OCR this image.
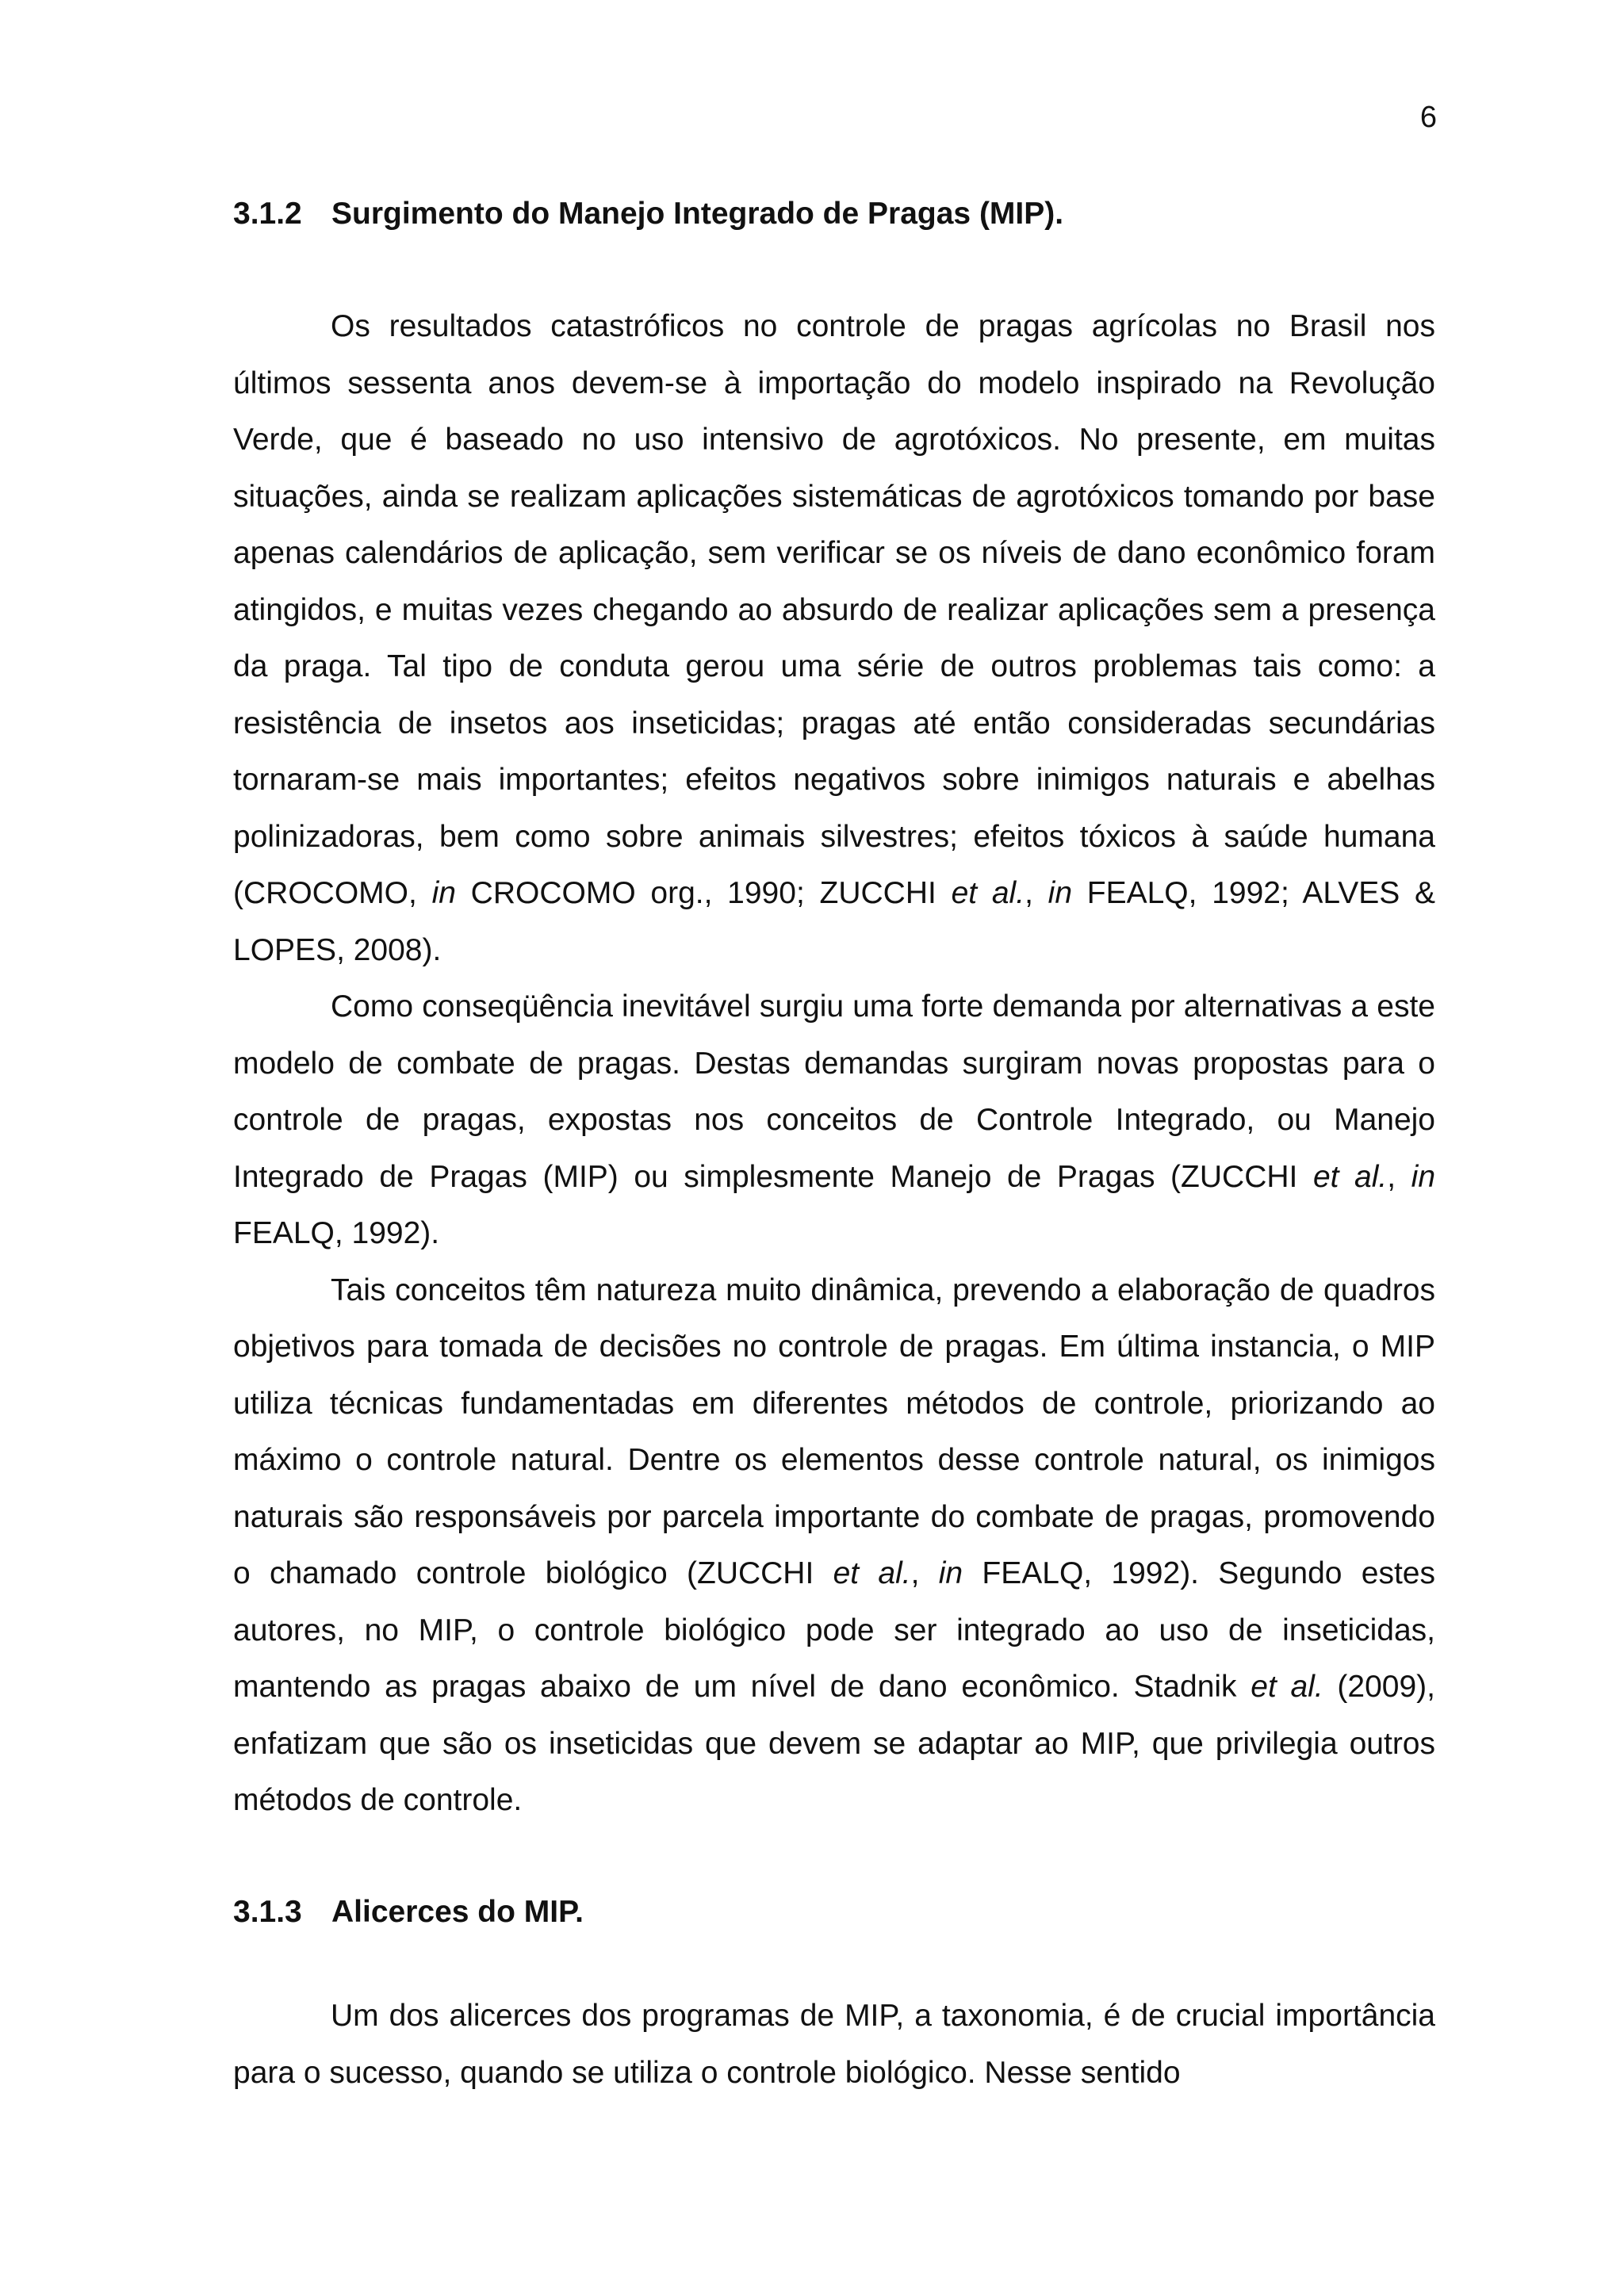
6
3.1.2 Surgimento do Manejo Integrado de Pragas (MIP).

Os resultados catastróficos no controle de pragas agrícolas no Brasil nos últimos sessenta anos devem-se à importação do modelo inspirado na Revolução Verde, que é baseado no uso intensivo de agrotóxicos. No presente, em muitas situações, ainda se realizam aplicações sistemáticas de agrotóxicos tomando por base apenas calendários de aplicação, sem verificar se os níveis de dano econômico foram atingidos, e muitas vezes chegando ao absurdo de realizar aplicações sem a presença da praga. Tal tipo de conduta gerou uma série de outros problemas tais como: a resistência de insetos aos inseticidas; pragas até então consideradas secundárias tornaram-se mais importantes; efeitos negativos sobre inimigos naturais e abelhas polinizadoras, bem como sobre animais silvestres; efeitos tóxicos à saúde humana (CROCOMO, in CROCOMO org., 1990; ZUCCHI et al., in FEALQ, 1992; ALVES & LOPES, 2008).

Como conseqüência inevitável surgiu uma forte demanda por alternativas a este modelo de combate de pragas. Destas demandas surgiram novas propostas para o controle de pragas, expostas nos conceitos de Controle Integrado, ou Manejo Integrado de Pragas (MIP) ou simplesmente Manejo de Pragas (ZUCCHI et al., in FEALQ, 1992).

Tais conceitos têm natureza muito dinâmica, prevendo a elaboração de quadros objetivos para tomada de decisões no controle de pragas. Em última instancia, o MIP utiliza técnicas fundamentadas em diferentes métodos de controle, priorizando ao máximo o controle natural. Dentre os elementos desse controle natural, os inimigos naturais são responsáveis por parcela importante do combate de pragas, promovendo o chamado controle biológico (ZUCCHI et al., in FEALQ, 1992). Segundo estes autores, no MIP, o controle biológico pode ser integrado ao uso de inseticidas, mantendo as pragas abaixo de um nível de dano econômico. Stadnik et al. (2009), enfatizam que são os inseticidas que devem se adaptar ao MIP, que privilegia outros métodos de controle.

3.1.3 Alicerces do MIP.

Um dos alicerces dos programas de MIP, a taxonomia, é de crucial importância para o sucesso, quando se utiliza o controle biológico. Nesse sentido
